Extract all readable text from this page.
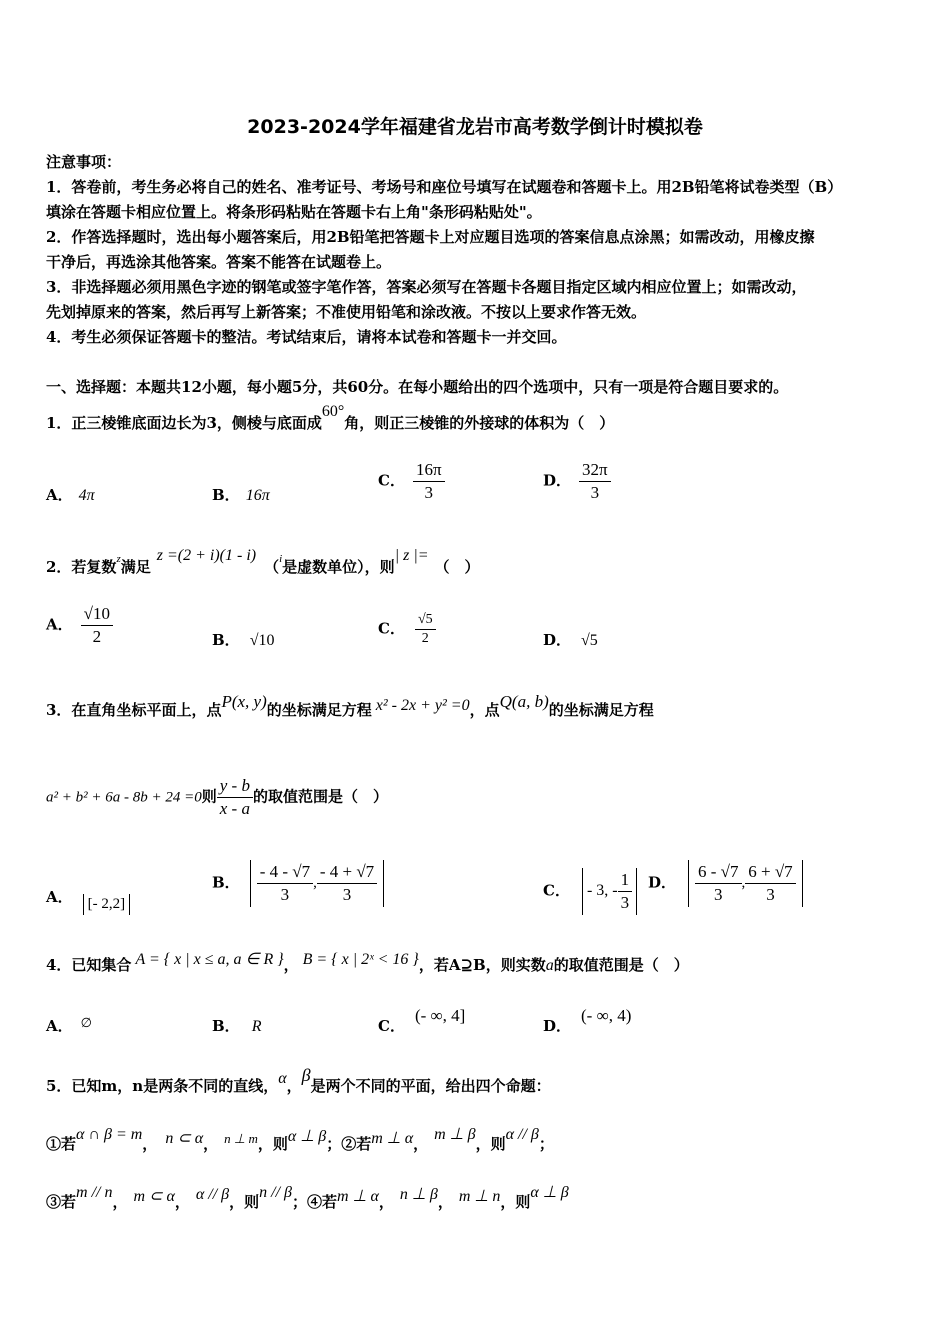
2023-2024学年福建省龙岩市高考数学倒计时模拟卷
注意事项：
1．答卷前，考生务必将自己的姓名、准考证号、考场号和座位号填写在试题卷和答题卡上。用2B铅笔将试卷类型（B）
填涂在答题卡相应位置上。将条形码粘贴在答题卡右上角"条形码粘贴处"。
2．作答选择题时，选出每小题答案后，用2B铅笔把答题卡上对应题目选项的答案信息点涂黑；如需改动，用橡皮擦
干净后，再选涂其他答案。答案不能答在试题卷上。
3．非选择题必须用黑色字迹的钢笔或签字笔作答，答案必须写在答题卡各题目指定区域内相应位置上；如需改动，
先划掉原来的答案，然后再写上新答案；不准使用铅笔和涂改液。不按以上要求作答无效。
4．考生必须保证答题卡的整洁。考试结束后，请将本试卷和答题卡一并交回。
一、选择题：本题共12小题，每小题5分，共60分。在每小题给出的四个选项中，只有一项是符合题目要求的。
1．正三棱锥底面边长为3，侧棱与底面成60°角，则正三棱锥的外接球的体积为（　）
A． 4π	B． 16π
C． $\frac{16\pi}{3}$	D． $\frac{32\pi}{3}$
2．若复数$^z$满足z =(2 + i)(1 - i)（$^i$是虚数单位），则| z |=（　）
A． $\frac{√10}{2}$	B． √10
C． $\frac{√5}{2}$	D． √5
3．在直角坐标平面上，点P(x, y)的坐标满足方程 x² - 2x + y² =0，点Q(a, b)的坐标满足方程
a² + b² + 6a - 8b + 24 =0则 $\frac{y - b}{x - a}$ 的取值范围是（　）
A． [- 2,2]
B． $\frac{- 4 - √7}{3}$ , $\frac{- 4 + √7}{3}$	C． - 3, - $\frac{1}{3}$ D． $\frac{6 - √7}{3}$ , $\frac{6 + √7}{3}$
4．已知集合 A = { x | x ≤ a, a ∈ R }， B = { x | 2ˣ < 16 }，若A⊇B，则实数a的取值范围是（　）
A． ∅	B． R	C．(- ∞, 4]
D．(- ∞, 4)
5．已知m，n是两条不同的直线，α，β是两个不同的平面，给出四个命题：
①若α ∩ β = m， n ⊂ α， n ⊥ m，则α ⊥ β；②若m ⊥ α，m ⊥ β，则α // β；
③若m // n， m ⊂ α， α // β，则n // β；④若m ⊥ α， n ⊥ β， m ⊥ n，则α ⊥ β
